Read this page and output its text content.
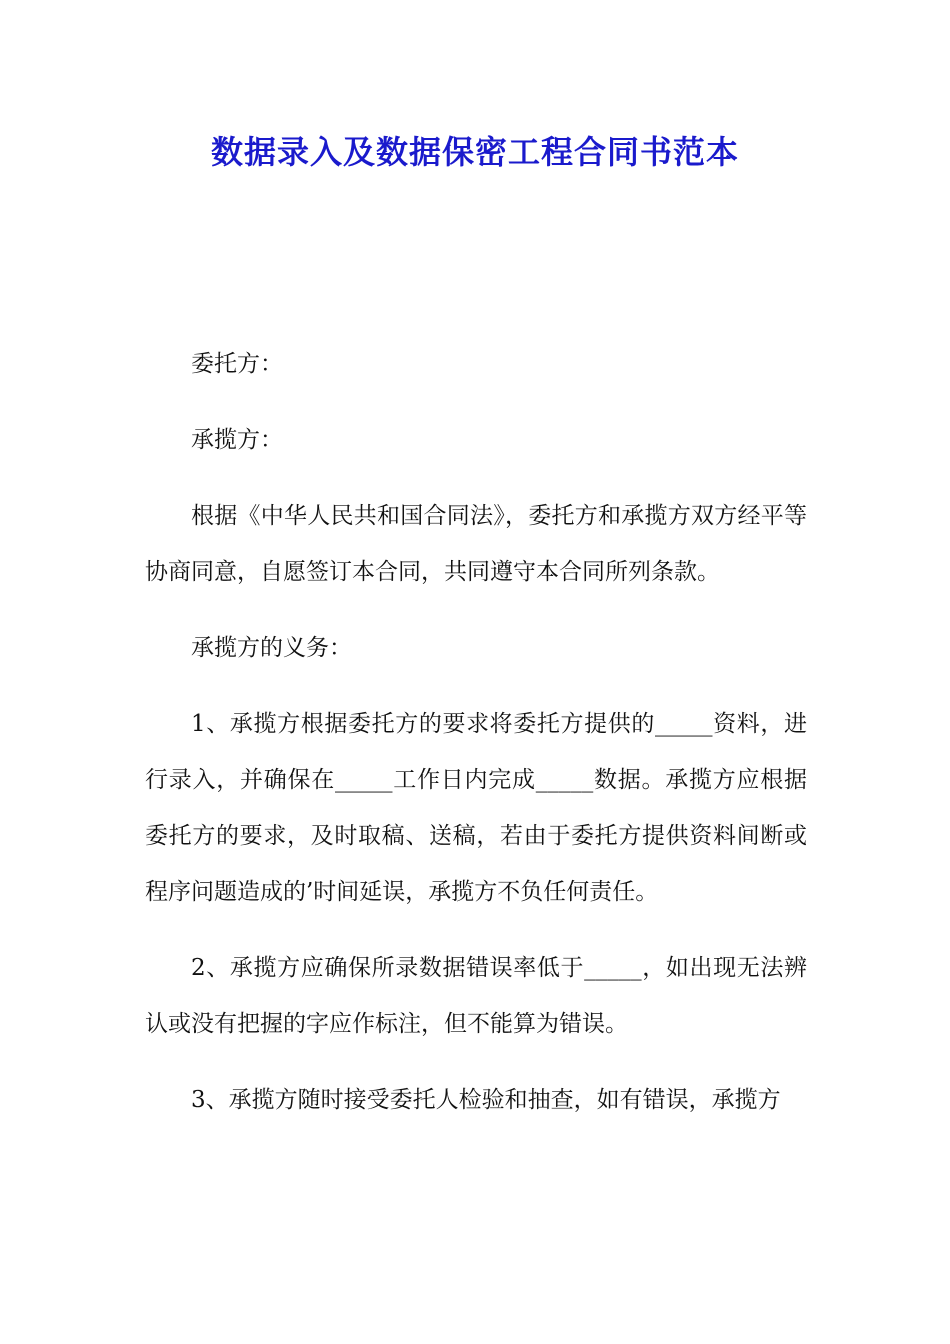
数据录入及数据保密工程合同书范本

委托方：

承揽方：

根据《中华人民共和国合同法》，委托方和承揽方双方经平等协商同意，自愿签订本合同，共同遵守本合同所列条款。

承揽方的义务：

1、承揽方根据委托方的要求将委托方提供的_____资料，进行录入，并确保在_____工作日内完成_____数据。承揽方应根据委托方的要求，及时取稿、送稿，若由于委托方提供资料间断或程序问题造成的’时间延误，承揽方不负任何责任。

2、承揽方应确保所录数据错误率低于_____，如出现无法辨认或没有把握的字应作标注，但不能算为错误。

3、承揽方随时接受委托人检验和抽查，如有错误，承揽方
